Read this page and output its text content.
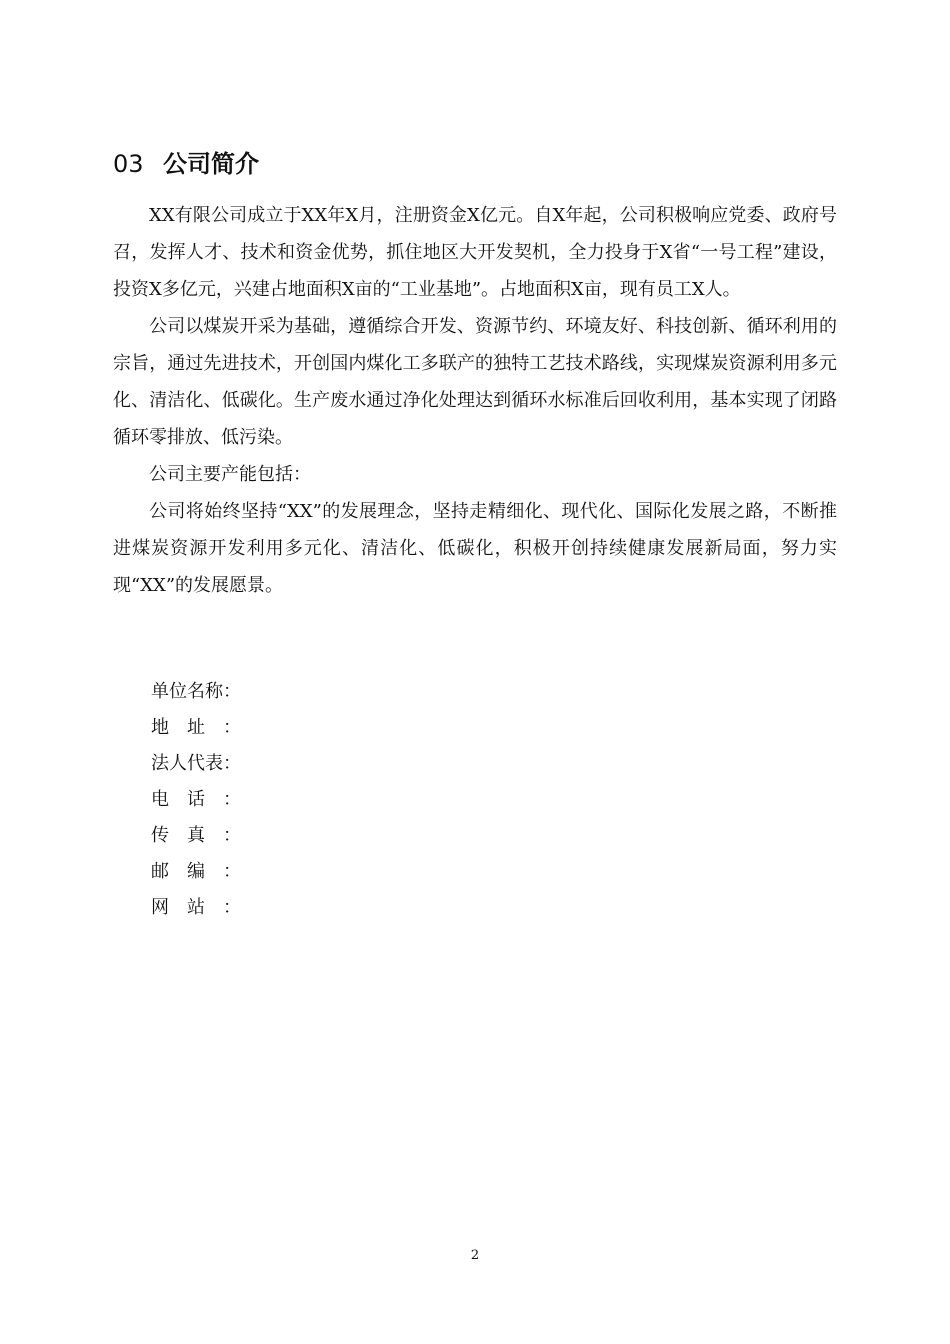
03 公司简介

XX有限公司成立于XX年X月，注册资金X亿元。自X年起，公司积极响应党委、政府号召，发挥人才、技术和资金优势，抓住地区大开发契机，全力投身于X省“一号工程”建设，投资X多亿元，兴建占地面积X亩的“工业基地”。占地面积X亩，现有员工X人。

公司以煤炭开采为基础，遵循综合开发、资源节约、环境友好、科技创新、循环利用的宗旨，通过先进技术，开创国内煤化工多联产的独特工艺技术路线，实现煤炭资源利用多元化、清洁化、低碳化。生产废水通过净化处理达到循环水标准后回收利用，基本实现了闭路循环零排放、低污染。

公司主要产能包括：

公司将始终坚持“XX”的发展理念，坚持走精细化、现代化、国际化发展之路，不断推进煤炭资源开发利用多元化、清洁化、低碳化，积极开创持续健康发展新局面，努力实现“XX”的发展愿景。

单位名称：
地址：
法人代表：
电话：
传真：
邮编：
网站：
2
